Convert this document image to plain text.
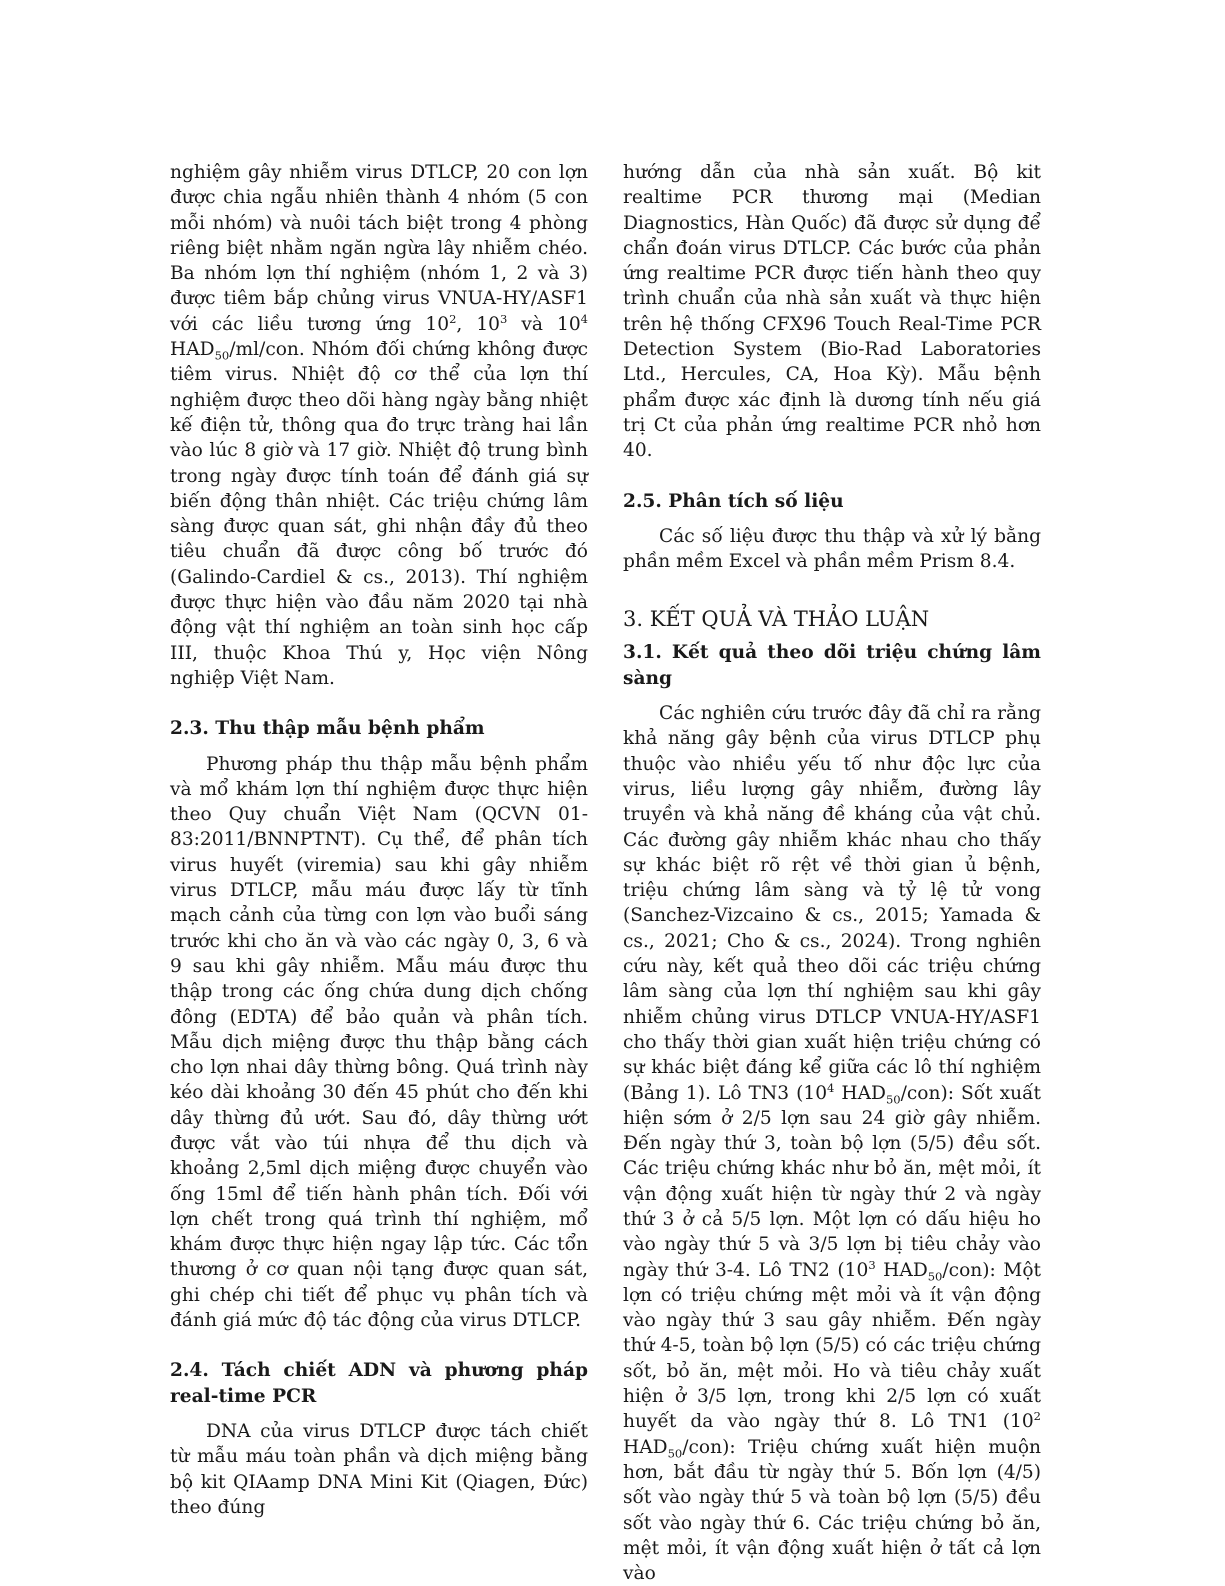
nghiệm gây nhiễm virus DTLCP, 20 con lợn được chia ngẫu nhiên thành 4 nhóm (5 con mỗi nhóm) và nuôi tách biệt trong 4 phòng riêng biệt nhằm ngăn ngừa lây nhiễm chéo. Ba nhóm lợn thí nghiệm (nhóm 1, 2 và 3) được tiêm bắp chủng virus VNUA-HY/ASF1 với các liều tương ứng $10^2$, $10^3$ và $10^4$ $HAD_{50}/ml$/con. Nhóm đối chứng không được tiêm virus. Nhiệt độ cơ thể của lợn thí nghiệm được theo dõi hàng ngày bằng nhiệt kế điện tử, thông qua đo trực tràng hai lần vào lúc 8 giờ và 17 giờ. Nhiệt độ trung bình trong ngày được tính toán để đánh giá sự biến động thân nhiệt. Các triệu chứng lâm sàng được quan sát, ghi nhận đầy đủ theo tiêu chuẩn đã được công bố trước đó (Galindo-Cardiel & cs., 2013). Thí nghiệm được thực hiện vào đầu năm 2020 tại nhà động vật thí nghiệm an toàn sinh học cấp III, thuộc Khoa Thú y, Học viện Nông nghiệp Việt Nam.

2.3. Thu thập mẫu bệnh phẩm

Phương pháp thu thập mẫu bệnh phẩm và mổ khám lợn thí nghiệm được thực hiện theo Quy chuẩn Việt Nam (QCVN 01-83:2011/BNNPTNT). Cụ thể, để phân tích virus huyết (viremia) sau khi gây nhiễm virus DTLCP, mẫu máu được lấy từ tĩnh mạch cảnh của từng con lợn vào buổi sáng trước khi cho ăn và vào các ngày 0, 3, 6 và 9 sau khi gây nhiễm. Mẫu máu được thu thập trong các ống chứa dung dịch chống đông (EDTA) để bảo quản và phân tích. Mẫu dịch miệng được thu thập bằng cách cho lợn nhai dây thừng bông. Quá trình này kéo dài khoảng 30 đến 45 phút cho đến khi dây thừng đủ ướt. Sau đó, dây thừng ướt được vắt vào túi nhựa để thu dịch và khoảng 2,5ml dịch miệng được chuyển vào ống 15ml để tiến hành phân tích. Đối với lợn chết trong quá trình thí nghiệm, mổ khám được thực hiện ngay lập tức. Các tổn thương ở cơ quan nội tạng được quan sát, ghi chép chi tiết để phục vụ phân tích và đánh giá mức độ tác động của virus DTLCP.

2.4. Tách chiết ADN và phương pháp real-time PCR

DNA của virus DTLCP được tách chiết từ mẫu máu toàn phần và dịch miệng bằng bộ kit QIAamp DNA Mini Kit (Qiagen, Đức) theo đúng

hướng dẫn của nhà sản xuất. Bộ kit realtime PCR thương mại (Median Diagnostics, Hàn Quốc) đã được sử dụng để chẩn đoán virus DTLCP. Các bước của phản ứng realtime PCR được tiến hành theo quy trình chuẩn của nhà sản xuất và thực hiện trên hệ thống CFX96 Touch Real-Time PCR Detection System (Bio-Rad Laboratories Ltd., Hercules, CA, Hoa Kỳ). Mẫu bệnh phẩm được xác định là dương tính nếu giá trị Ct của phản ứng realtime PCR nhỏ hơn 40.

2.5. Phân tích số liệu

Các số liệu được thu thập và xử lý bằng phần mềm Excel và phần mềm Prism 8.4.

3. KẾT QUẢ VÀ THẢO LUẬN

3.1. Kết quả theo dõi triệu chứng lâm sàng

Các nghiên cứu trước đây đã chỉ ra rằng khả năng gây bệnh của virus DTLCP phụ thuộc vào nhiều yếu tố như độc lực của virus, liều lượng gây nhiễm, đường lây truyền và khả năng đề kháng của vật chủ. Các đường gây nhiễm khác nhau cho thấy sự khác biệt rõ rệt về thời gian ủ bệnh, triệu chứng lâm sàng và tỷ lệ tử vong (Sanchez-Vizcaino & cs., 2015; Yamada & cs., 2021; Cho & cs., 2024). Trong nghiên cứu này, kết quả theo dõi các triệu chứng lâm sàng của lợn thí nghiệm sau khi gây nhiễm chủng virus DTLCP VNUA-HY/ASF1 cho thấy thời gian xuất hiện triệu chứng có sự khác biệt đáng kể giữa các lô thí nghiệm (Bảng 1). Lô TN3 ($10^4$ $HAD_{50}/con$): Sốt xuất hiện sớm ở 2/5 lợn sau 24 giờ gây nhiễm. Đến ngày thứ 3, toàn bộ lợn (5/5) đều sốt. Các triệu chứng khác như bỏ ăn, mệt mỏi, ít vận động xuất hiện từ ngày thứ 2 và ngày thứ 3 ở cả 5/5 lợn. Một lợn có dấu hiệu ho vào ngày thứ 5 và 3/5 lợn bị tiêu chảy vào ngày thứ 3-4. Lô TN2 ($10^3$ $HAD_{50}/con$): Một lợn có triệu chứng mệt mỏi và ít vận động vào ngày thứ 3 sau gây nhiễm. Đến ngày thứ 4-5, toàn bộ lợn (5/5) có các triệu chứng sốt, bỏ ăn, mệt mỏi. Ho và tiêu chảy xuất hiện ở 3/5 lợn, trong khi 2/5 lợn có xuất huyết da vào ngày thứ 8. Lô TN1 ($10^2$ $HAD_{50}/con$): Triệu chứng xuất hiện muộn hơn, bắt đầu từ ngày thứ 5. Bốn lợn (4/5) sốt vào ngày thứ 5 và toàn bộ lợn (5/5) đều sốt vào ngày thứ 6. Các triệu chứng bỏ ăn, mệt mỏi, ít vận động xuất hiện ở tất cả lợn vào
